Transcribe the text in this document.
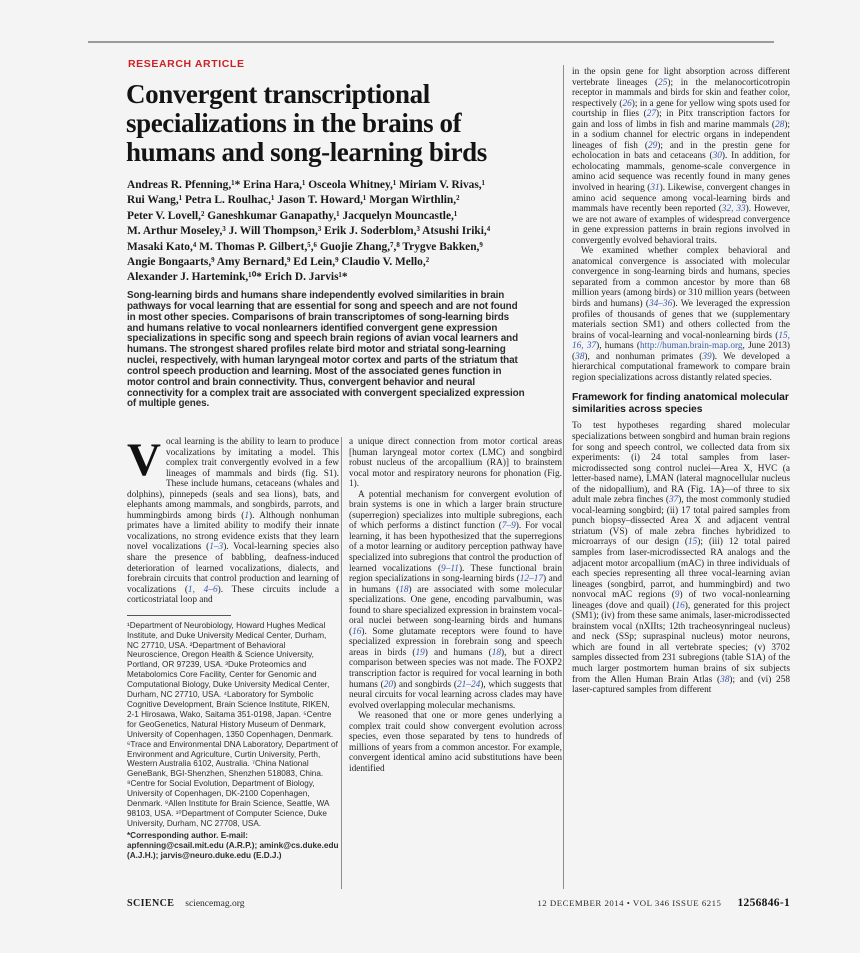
RESEARCH ARTICLE
Convergent transcriptional specializations in the brains of humans and song-learning birds
Andreas R. Pfenning,¹* Erina Hara,¹ Osceola Whitney,¹ Miriam V. Rivas,¹
Rui Wang,¹ Petra L. Roulhac,¹ Jason T. Howard,¹ Morgan Wirthlin,²
Peter V. Lovell,² Ganeshkumar Ganapathy,¹ Jacquelyn Mouncastle,¹
M. Arthur Moseley,³ J. Will Thompson,³ Erik J. Soderblom,³ Atsushi Iriki,⁴
Masaki Kato,⁴ M. Thomas P. Gilbert,⁵,⁶ Guojie Zhang,⁷,⁸ Trygve Bakken,⁹
Angie Bongaarts,⁹ Amy Bernard,⁹ Ed Lein,⁹ Claudio V. Mello,²
Alexander J. Hartemink,¹⁰* Erich D. Jarvis¹*
Song-learning birds and humans share independently evolved similarities in brain pathways for vocal learning that are essential for song and speech and are not found in most other species. Comparisons of brain transcriptomes of song-learning birds and humans relative to vocal nonlearners identified convergent gene expression specializations in specific song and speech brain regions of avian vocal learners and humans. The strongest shared profiles relate bird motor and striatal song-learning nuclei, respectively, with human laryngeal motor cortex and parts of the striatum that control speech production and learning. Most of the associated genes function in motor control and brain connectivity. Thus, convergent behavior and neural connectivity for a complex trait are associated with convergent specialized expression of multiple genes.

Vocal learning is the ability to learn to produce vocalizations by imitating a model. This complex trait convergently evolved in a few lineages of mammals and birds (fig. S1). These include humans, cetaceans (whales and dolphins), pinnepeds (seals and sea lions), bats, and elephants among mammals, and songbirds, parrots, and hummingbirds among birds (1). Although nonhuman primates have a limited ability to modify their innate vocalizations, no strong evidence exists that they learn novel vocalizations (1–3). Vocal-learning species also share the presence of babbling, deafness-induced deterioration of learned vocalizations, dialects, and forebrain circuits that control production and learning of vocalizations (1, 4–6). These circuits include a corticostriatal loop and

¹Department of Neurobiology, Howard Hughes Medical Institute, and Duke University Medical Center, Durham, NC 27710, USA. ²Department of Behavioral Neuroscience, Oregon Health & Science University, Portland, OR 97239, USA. ³Duke Proteomics and Metabolomics Core Facility, Center for Genomic and Computational Biology, Duke University Medical Center, Durham, NC 27710, USA. ⁴Laboratory for Symbolic Cognitive Development, Brain Science Institute, RIKEN, 2-1 Hirosawa, Wako, Saitama 351-0198, Japan. ⁵Centre for GeoGenetics, Natural History Museum of Denmark, University of Copenhagen, 1350 Copenhagen, Denmark. ⁶Trace and Environmental DNA Laboratory, Department of Environment and Agriculture, Curtin University, Perth, Western Australia 6102, Australia. ⁷China National GeneBank, BGI-Shenzhen, Shenzhen 518083, China. ⁸Centre for Social Evolution, Department of Biology, University of Copenhagen, DK-2100 Copenhagen, Denmark. ⁹Allen Institute for Brain Science, Seattle, WA 98103, USA. ¹⁰Department of Computer Science, Duke University, Durham, NC 27708, USA.
*Corresponding author. E-mail: apfenning@csail.mit.edu (A.R.P.); amink@cs.duke.edu (A.J.H.); jarvis@neuro.duke.edu (E.D.J.)

a unique direct connection from motor cortical areas [human laryngeal motor cortex (LMC) and songbird robust nucleus of the arcopallium (RA)] to brainstem vocal motor and respiratory neurons for phonation (Fig. 1).

A potential mechanism for convergent evolution of brain systems is one in which a larger brain structure (superregion) specializes into multiple subregions, each of which performs a distinct function (7–9). For vocal learning, it has been hypothesized that the superregions of a motor learning or auditory perception pathway have specialized into subregions that control the production of learned vocalizations (9–11). These functional brain region specializations in song-learning birds (12–17) and in humans (18) are associated with some molecular specializations. One gene, encoding parvalbumin, was found to share specialized expression in brainstem vocal-oral nuclei between song-learning birds and humans (16). Some glutamate receptors were found to have specialized expression in forebrain song and speech areas in birds (19) and humans (18), but a direct comparison between species was not made. The FOXP2 transcription factor is required for vocal learning in both humans (20) and songbirds (21–24), which suggests that neural circuits for vocal learning across clades may have evolved overlapping molecular mechanisms.

We reasoned that one or more genes underlying a complex trait could show convergent evolution across species, even those separated by tens to hundreds of millions of years from a common ancestor. For example, convergent identical amino acid substitutions have been identified

in the opsin gene for light absorption across different vertebrate lineages (25); in the melanocorticotropin receptor in mammals and birds for skin and feather color, respectively (26); in a gene for yellow wing spots used for courtship in flies (27); in Pitx transcription factors for gain and loss of limbs in fish and marine mammals (28); in a sodium channel for electric organs in independent lineages of fish (29); and in the prestin gene for echolocation in bats and cetaceans (30). In addition, for echolocating mammals, genome-scale convergence in amino acid sequence was recently found in many genes involved in hearing (31). Likewise, convergent changes in amino acid sequence among vocal-learning birds and mammals have recently been reported (32, 33). However, we are not aware of examples of widespread convergence in gene expression patterns in brain regions involved in convergently evolved behavioral traits.

We examined whether complex behavioral and anatomical convergence is associated with molecular convergence in song-learning birds and humans, species separated from a common ancestor by more than 68 million years (among birds) or 310 million years (between birds and humans) (34–36). We leveraged the expression profiles of thousands of genes that we (supplementary materials section SM1) and others collected from the brains of vocal-learning and vocal-nonlearning birds (15, 16, 37), humans (http://human.brain-map.org, June 2013) (38), and nonhuman primates (39). We developed a hierarchical computational framework to compare brain region specializations across distantly related species.

Framework for finding anatomical molecular similarities across species

To test hypotheses regarding shared molecular specializations between songbird and human brain regions for song and speech control, we collected data from six experiments: (i) 24 total samples from laser-microdissected song control nuclei—Area X, HVC (a letter-based name), LMAN (lateral magnocellular nucleus of the nidopallium), and RA (Fig. 1A)—of three to six adult male zebra finches (37), the most commonly studied vocal-learning songbird; (ii) 17 total paired samples from punch biopsy–dissected Area X and adjacent ventral striatum (VS) of male zebra finches hybridized to microarrays of our design (15); (iii) 12 total paired samples from laser-microdissected RA analogs and the adjacent motor arcopallium (mAC) in three individuals of each species representing all three vocal-learning avian lineages (songbird, parrot, and hummingbird) and two nonvocal mAC regions (9) of two vocal-nonlearning lineages (dove and quail) (16), generated for this project (SM1); (iv) from these same animals, laser-microdissected brainstem vocal (nXIIts; 12th tracheosynringeal nucleus) and neck (SSp; supraspinal nucleus) motor neurons, which are found in all vertebrate species; (v) 3702 samples dissected from 231 subregions (table S1A) of the much larger postmortem human brains of six subjects from the Allen Human Brain Atlas (38); and (vi) 258 laser-captured samples from different

SCIENCE sciencemag.org	12 DECEMBER 2014 • VOL 346 ISSUE 6215 1256846-1
